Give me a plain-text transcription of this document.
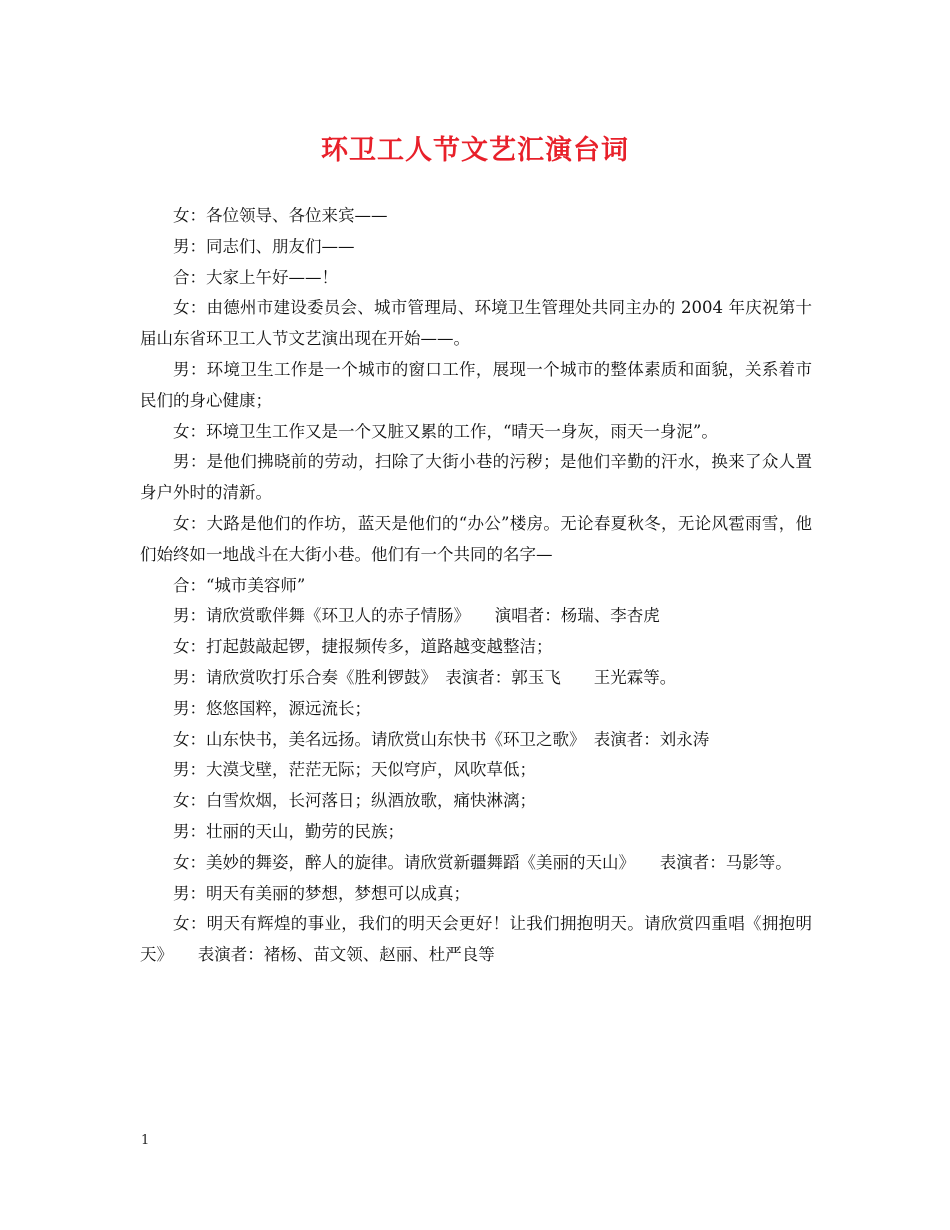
环卫工人节文艺汇演台词

女：各位领导、各位来宾——

男：同志们、朋友们——

合：大家上午好——！

女：由德州市建设委员会、城市管理局、环境卫生管理处共同主办的 2004 年庆祝第十届山东省环卫工人节文艺演出现在开始——。

男：环境卫生工作是一个城市的窗口工作，展现一个城市的整体素质和面貌，关系着市民们的身心健康；

女：环境卫生工作又是一个又脏又累的工作，“晴天一身灰，雨天一身泥”。

男：是他们拂晓前的劳动，扫除了大街小巷的污秽；是他们辛勤的汗水，换来了众人置身户外时的清新。

女：大路是他们的作坊，蓝天是他们的“办公”楼房。无论春夏秋冬，无论风雹雨雪，他们始终如一地战斗在大街小巷。他们有一个共同的名字—

合：“城市美容师”

男：请欣赏歌伴舞《环卫人的赤子情肠》　　演唱者：杨瑞、李杏虎

女：打起鼓敲起锣，捷报频传多，道路越变越整洁；

男：请欣赏吹打乐合奏《胜利锣鼓》　表演者：郭玉飞　　王光霖等。

男：悠悠国粹，源远流长；

女：山东快书，美名远扬。请欣赏山东快书《环卫之歌》　表演者：刘永涛

男：大漠戈壁，茫茫无际；天似穹庐，风吹草低；

女：白雪炊烟，长河落日；纵酒放歌，痛快淋漓；

男：壮丽的天山，勤劳的民族；

女：美妙的舞姿，醉人的旋律。请欣赏新疆舞蹈《美丽的天山》　　表演者：马影等。

男：明天有美丽的梦想，梦想可以成真；

女：明天有辉煌的事业，我们的明天会更好！让我们拥抱明天。请欣赏四重唱《拥抱明天》　　表演者：褚杨、苗文领、赵丽、杜严良等

1
